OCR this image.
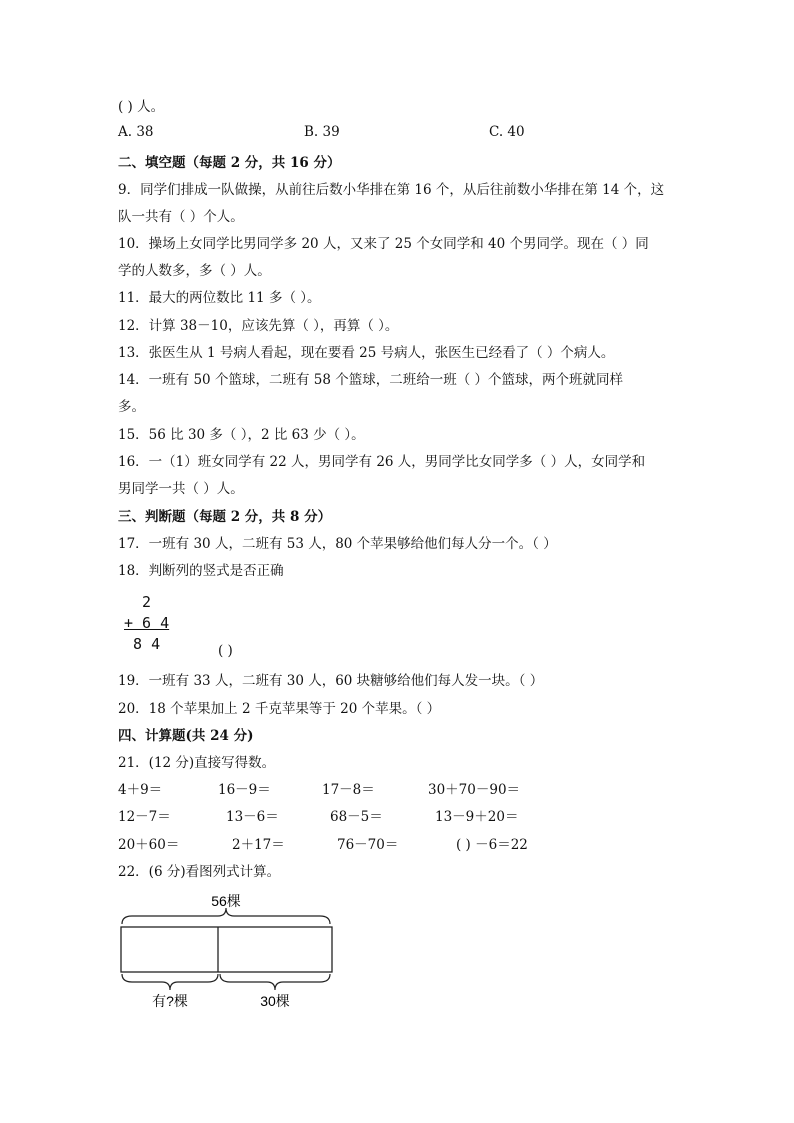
( ) 人。
A. 38	B. 39	C. 40
二、填空题（每题 2 分，共 16 分）
9．同学们排成一队做操，从前往后数小华排在第 16 个，从后往前数小华排在第 14 个，这
队一共有（ ）个人。
10．操场上女同学比男同学多 20 人，又来了 25 个女同学和 40 个男同学。现在（ ）同
学的人数多，多（ ）人。
11．最大的两位数比 11 多（ ）。
12．计算 38－10，应该先算（ ），再算（ ）。
13．张医生从 1 号病人看起，现在要看 25 号病人，张医生已经看了（ ）个病人。
14．一班有 50 个篮球，二班有 58 个篮球，二班给一班（ ）个篮球，两个班就同样
多。
15．56 比 30 多（ ），2 比 63 少（ ）。
16．一（1）班女同学有 22 人，男同学有 26 人，男同学比女同学多（ ）人，女同学和
男同学一共（ ）人。
三、判断题（每题 2 分，共 8 分）
17．一班有 30 人，二班有 53 人，80 个苹果够给他们每人分一个。（ ）
18．判断列的竖式是否正确
2
+ 6 4
8 4	( )
19．一班有 33 人，二班有 30 人，60 块糖够给他们每人发一块。（ ）
20．18 个苹果加上 2 千克苹果等于 20 个苹果。（ ）
四、计算题(共 24 分)
21．(12 分)直接写得数。
4＋9＝	16－9＝	17－8＝	30＋70－90＝
12－7＝	13－6＝	68－5＝	13－9＋20＝
20＋60＝	2＋17＝	76－70＝	( ) －6＝22
22．(6 分)看图列式计算。
56棵
有?棵	30棵
